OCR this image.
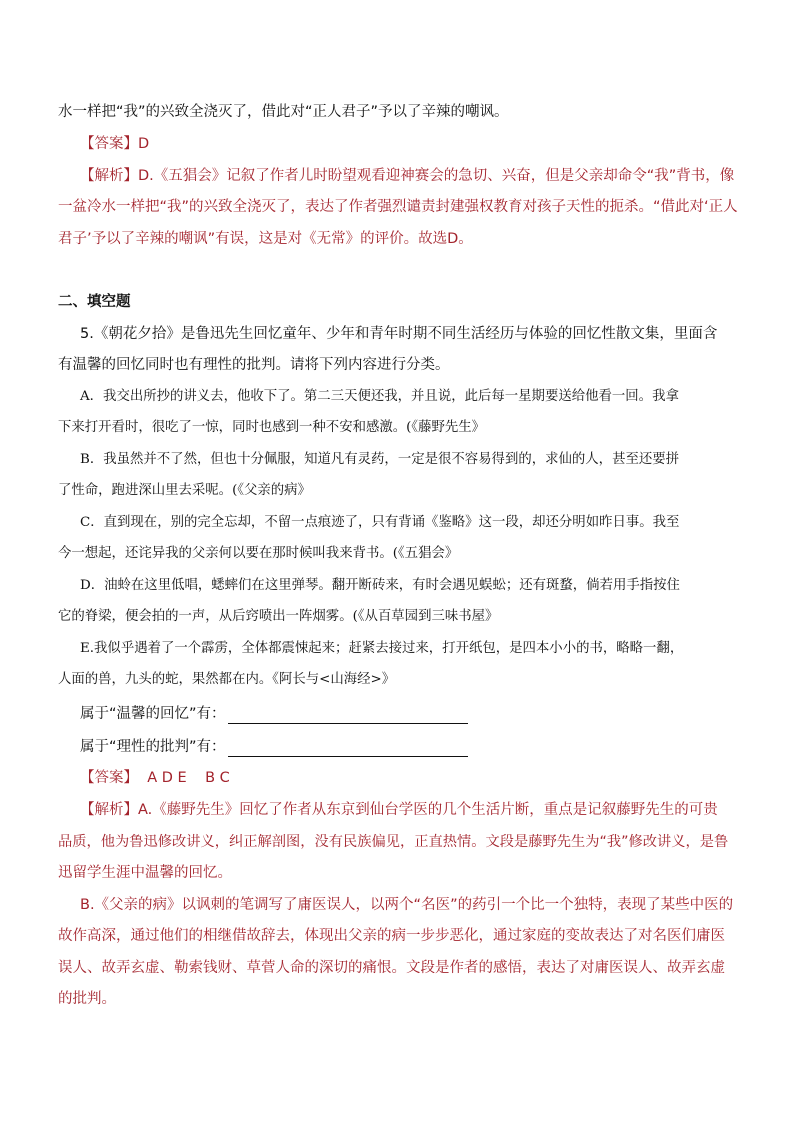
水一样把“我”的兴致全浇灭了，借此对“正人君子”予以了辛辣的嘲讽。
【答案】D
【解析】D.《五猖会》记叙了作者儿时盼望观看迎神赛会的急切、兴奋，但是父亲却命令“我”背书，像
一盆冷水一样把“我”的兴致全浇灭了，表达了作者强烈谴责封建强权教育对孩子天性的扼杀。“借此对‘正人
君子’予以了辛辣的嘲讽”有误，这是对《无常》的评价。故选D。
二、填空题
5.《朝花夕拾》是鲁迅先生回忆童年、少年和青年时期不同生活经历与体验的回忆性散文集，里面含
有温馨的回忆同时也有理性的批判。请将下列内容进行分类。
A．我交出所抄的讲义去，他收下了。第二三天便还我，并且说，此后每一星期要送给他看一回。我拿
下来打开看时，很吃了一惊，同时也感到一种不安和感激。(《藤野先生》
B．我虽然并不了然，但也十分佩服，知道凡有灵药，一定是很不容易得到的，求仙的人，甚至还要拼
了性命，跑进深山里去采呢。(《父亲的病》
C．直到现在，别的完全忘却，不留一点痕迹了，只有背诵《鉴略》这一段，却还分明如昨日事。我至
今一想起，还诧异我的父亲何以要在那时候叫我来背书。(《五猖会》
D．油蛉在这里低唱，蟋蟀们在这里弹琴。翻开断砖来，有时会遇见蜈蚣；还有斑蝥，倘若用手指按住
它的脊梁，便会拍的一声，从后窍喷出一阵烟雾。(《从百草园到三味书屋》
E.我似乎遇着了一个霹雳，全体都震悚起来；赶紧去接过来，打开纸包，是四本小小的书，略略一翻，
人面的兽，九头的蛇，果然都在内。《阿长与<山海经>》
属于“温馨的回忆”有：
属于“理性的批判”有：
【答案】  A D E    B C
【解析】A.《藤野先生》回忆了作者从东京到仙台学医的几个生活片断，重点是记叙藤野先生的可贵
品质，他为鲁迅修改讲义，纠正解剖图，没有民族偏见，正直热情。文段是藤野先生为“我”修改讲义，是鲁
迅留学生涯中温馨的回忆。
B.《父亲的病》以讽刺的笔调写了庸医误人，以两个“名医”的药引一个比一个独特，表现了某些中医的
故作高深，通过他们的相继借故辞去，体现出父亲的病一步步恶化，通过家庭的变故表达了对名医们庸医
误人、故弄玄虚、勒索钱财、草菅人命的深切的痛恨。文段是作者的感悟，表达了对庸医误人、故弄玄虚
的批判。
